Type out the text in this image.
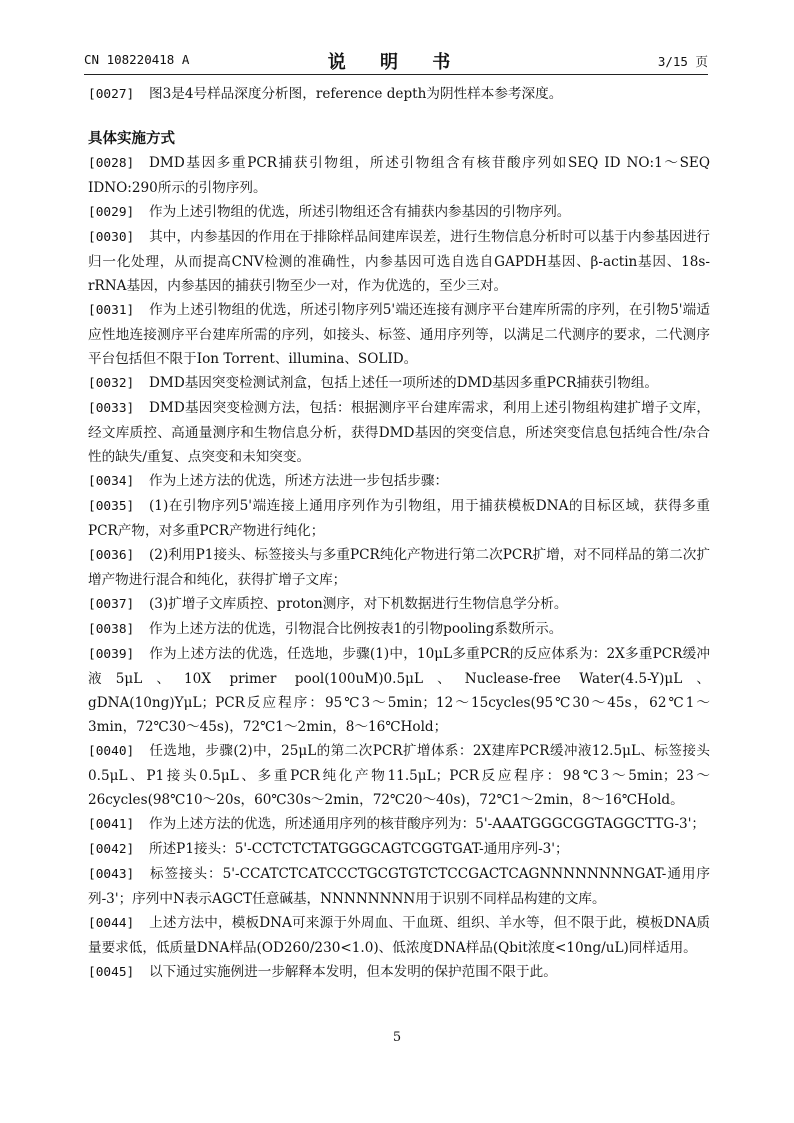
CN 108220418 A	说 明 书	3/15 页

[0027] 图3是4号样品深度分析图，reference depth为阴性样本参考深度。

具体实施方式

[0028] DMD基因多重PCR捕获引物组，所述引物组含有核苷酸序列如SEQ ID NO:1～SEQ IDNO:290所示的引物序列。

[0029] 作为上述引物组的优选，所述引物组还含有捕获内参基因的引物序列。

[0030] 其中，内参基因的作用在于排除样品间建库误差，进行生物信息分析时可以基于内参基因进行归一化处理，从而提高CNV检测的准确性，内参基因可选自选自GAPDH基因、β-actin基因、18s-rRNA基因，内参基因的捕获引物至少一对，作为优选的，至少三对。

[0031] 作为上述引物组的优选，所述引物序列5'端还连接有测序平台建库所需的序列，在引物5'端适应性地连接测序平台建库所需的序列，如接头、标签、通用序列等，以满足二代测序的要求，二代测序平台包括但不限于Ion Torrent、illumina、SOLID。

[0032] DMD基因突变检测试剂盒，包括上述任一项所述的DMD基因多重PCR捕获引物组。

[0033] DMD基因突变检测方法，包括：根据测序平台建库需求，利用上述引物组构建扩增子文库，经文库质控、高通量测序和生物信息分析，获得DMD基因的突变信息，所述突变信息包括纯合性/杂合性的缺失/重复、点突变和未知突变。

[0034] 作为上述方法的优选，所述方法进一步包括步骤：

[0035] (1)在引物序列5'端连接上通用序列作为引物组，用于捕获模板DNA的目标区域，获得多重PCR产物，对多重PCR产物进行纯化；

[0036] (2)利用P1接头、标签接头与多重PCR纯化产物进行第二次PCR扩增，对不同样品的第二次扩增产物进行混合和纯化，获得扩增子文库；

[0037] (3)扩增子文库质控、proton测序，对下机数据进行生物信息学分析。

[0038] 作为上述方法的优选，引物混合比例按表1的引物pooling系数所示。

[0039] 作为上述方法的优选，任选地，步骤(1)中，10μL多重PCR的反应体系为：2X多重PCR缓冲液5μL、10X primer pool(100uM)0.5μL、Nuclease-free Water(4.5-Y)μL、gDNA(10ng)YμL；PCR反应程序：95℃3～5min；12～15cycles(95℃30～45s，62℃1～3min，72℃30～45s)，72℃1～2min，8～16℃Hold；

[0040] 任选地，步骤(2)中，25μL的第二次PCR扩增体系：2X建库PCR缓冲液12.5μL、标签接头0.5μL、P1接头0.5μL、多重PCR纯化产物11.5μL；PCR反应程序：98℃3～5min；23～26cycles(98℃10～20s，60℃30s～2min，72℃20～40s)，72℃1～2min，8～16℃Hold。

[0041] 作为上述方法的优选，所述通用序列的核苷酸序列为：5'-AAATGGGCGGTAGGCTTG-3'；

[0042] 所述P1接头：5'-CCTCTCTATGGGCAGTCGGTGAT-通用序列-3'；

[0043] 标签接头：5'-CCATCTCATCCCTGCGTGTCTCCGACTCAGNNNNNNNNGAT-通用序列-3'；序列中N表示AGCT任意碱基，NNNNNNNN用于识别不同样品构建的文库。

[0044] 上述方法中，模板DNA可来源于外周血、干血斑、组织、羊水等，但不限于此，模板DNA质量要求低，低质量DNA样品(OD260/230<1.0)、低浓度DNA样品(Qbit浓度<10ng/uL)同样适用。

[0045] 以下通过实施例进一步解释本发明，但本发明的保护范围不限于此。

5
